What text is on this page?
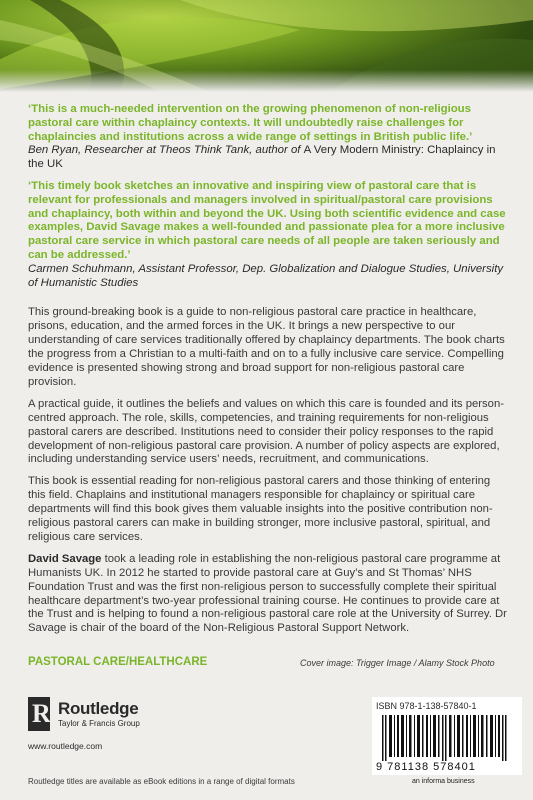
‘This is a much-needed intervention on the growing phenomenon of non-religious pastoral care within chaplaincy contexts. It will undoubtedly raise challenges for chaplaincies and institutions across a wide range of settings in British public life.’

Ben Ryan, Researcher at Theos Think Tank, author of A Very Modern Ministry: Chaplaincy in the UK

‘This timely book sketches an innovative and inspiring view of pastoral care that is relevant for professionals and managers involved in spiritual/pastoral care provisions and chaplaincy, both within and beyond the UK. Using both scientific evidence and case examples, David Savage makes a well-founded and passionate plea for a more inclusive pastoral care service in which pastoral care needs of all people are taken seriously and can be addressed.’

Carmen Schuhmann, Assistant Professor, Dep. Globalization and Dialogue Studies, University of Humanistic Studies

This ground-breaking book is a guide to non-religious pastoral care practice in healthcare, prisons, education, and the armed forces in the UK. It brings a new perspective to our understanding of care services traditionally offered by chaplaincy departments. The book charts the progress from a Christian to a multi-faith and on to a fully inclusive care service. Compelling evidence is presented showing strong and broad support for non-religious pastoral care provision.

A practical guide, it outlines the beliefs and values on which this care is founded and its person-centred approach. The role, skills, competencies, and training requirements for non-religious pastoral carers are described. Institutions need to consider their policy responses to the rapid development of non-religious pastoral care provision. A number of policy aspects are explored, including understanding service users’ needs, recruitment, and communications.

This book is essential reading for non-religious pastoral carers and those thinking of entering this field. Chaplains and institutional managers responsible for chaplaincy or spiritual care departments will find this book gives them valuable insights into the positive contribution non-religious pastoral carers can make in building stronger, more inclusive pastoral, spiritual, and religious care services.

David Savage took a leading role in establishing the non-religious pastoral care programme at Humanists UK. In 2012 he started to provide pastoral care at Guy’s and St Thomas’ NHS Foundation Trust and was the first non-religious person to successfully complete their spiritual healthcare department’s two-year professional training course. He continues to provide care at the Trust and is helping to found a non-religious pastoral care role at the University of Surrey. Dr Savage is chair of the board of the Non-Religious Pastoral Support Network.

PASTORAL CARE/HEALTHCARE	Cover image: Trigger Image / Alamy Stock Photo
R Routledge
Taylor & Francis Group
www.routledge.com
ISBN 978-1-138-57840-1
9 781138 578401
an informa business
Routledge titles are available as eBook editions in a range of digital formats
